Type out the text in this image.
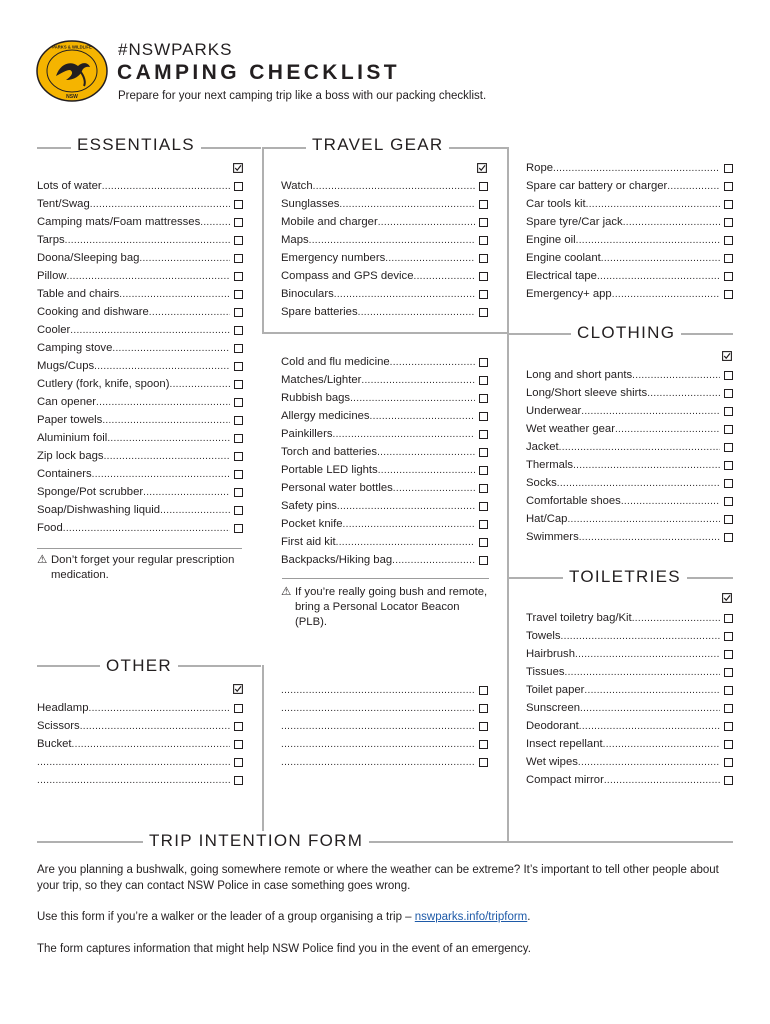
PARKS & WILDLIFE
NSW
#NSWPARKS
CAMPING CHECKLIST
Prepare for your next camping trip like a boss with our packing checklist.
ESSENTIALS	TRAVEL GEAR
CLOTHING
TOILETRIES
OTHER
TRIP INTENTION FORM
Lots of water
.....
Tent/Swag
.....
Camping mats/Foam mattresses
.....
Tarps
.....
Doona/Sleeping bag
.....
Pillow
.....
Table and chairs
.....
Cooking and dishware
.....
Cooler
.....
Camping stove
.....
Mugs/Cups
.....
Cutlery (fork, knife, spoon)
.....
Can opener
.....
Paper towels
.....
Aluminium foil
.....
Zip lock bags
.....
Containers
.....
Sponge/Pot scrubber
.....
Soap/Dishwashing liquid
.....
Food
.....
Watch
.....
Sunglasses
.....
Mobile and charger
.....
Maps
.....
Emergency numbers
.....
Compass and GPS device
.....
Binoculars
.....
Spare batteries
.....
Cold and flu medicine
.....
Matches/Lighter
.....
Rubbish bags
.....
Allergy medicines
.....
Painkillers
.....
Torch and batteries
.....
Portable LED lights
.....
Personal water bottles
.....
Safety pins
.....
Pocket knife
.....
First aid kit
.....
Backpacks/Hiking bag
.....
Rope
.....
Spare car battery or charger
.....
Car tools kit
.....
Spare tyre/Car jack
.....
Engine oil
.....
Engine coolant
.....
Electrical tape
.....
Emergency+ app
.....
Long and short pants
.....
Long/Short sleeve shirts
.....
Underwear
.....
Wet weather gear
.....
Jacket
.....
Thermals
.....
Socks
.....
Comfortable shoes
.....
Hat/Cap
.....
Swimmers
.....
Travel toiletry bag/Kit
.....
Towels
.....
Hairbrush
.....
Tissues
.....
Toilet paper
.....
Sunscreen
.....
Deodorant
.....
Insect repellant
.....
Wet wipes
.....
Compact mirror
.....
Headlamp
.....
Scissors
.....
Bucket
.....
.....
.....
.....
.....
.....
.....
.....
⚠ Don’t forget your regular prescription medication.
⚠ If you’re really going bush and remote, bring a Personal Locator Beacon (PLB).

Are you planning a bushwalk, going somewhere remote or where the weather can be extreme? It’s important to tell other people about your trip, so they can contact NSW Police in case something goes wrong.

Use this form if you’re a walker or the leader of a group organising a trip – nswparks.info/tripform.

The form captures information that might help NSW Police find you in the event of an emergency.
